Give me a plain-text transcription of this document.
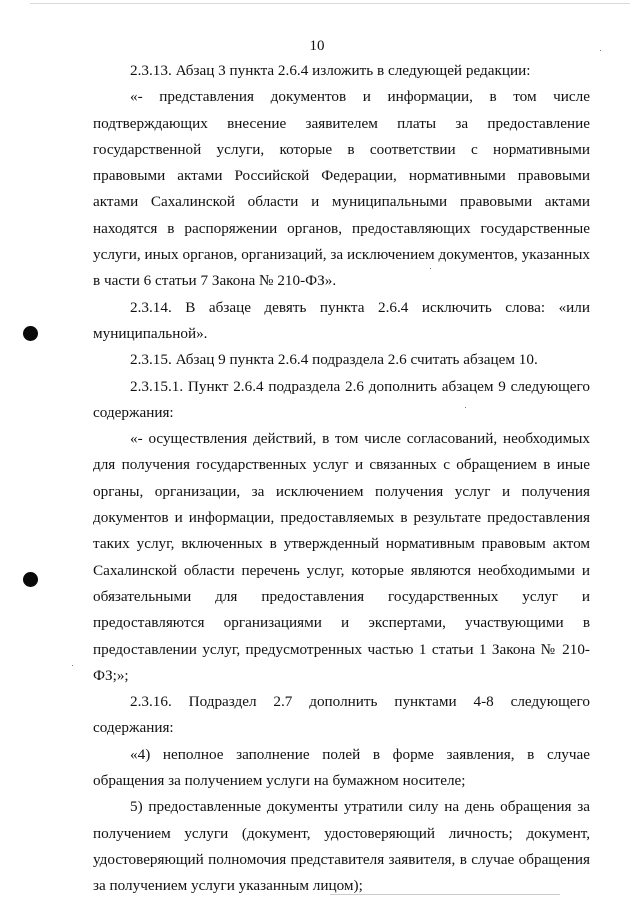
10

2.3.13. Абзац 3 пункта 2.6.4 изложить в следующей редакции:

«- представления документов и информации, в том числе подтверждающих внесение заявителем платы за предоставление государственной услуги, которые в соответствии с нормативными правовыми актами Российской Федерации, нормативными правовыми актами Сахалинской области и муниципальными правовыми актами находятся в распоряжении органов, предоставляющих государственные услуги, иных органов, организаций, за исключением документов, указанных в части 6 статьи 7 Закона № 210-ФЗ».

2.3.14. В абзаце девять пункта 2.6.4 исключить слова: «или муниципальной».

2.3.15. Абзац 9 пункта 2.6.4 подраздела 2.6 считать абзацем 10.

2.3.15.1. Пункт 2.6.4 подраздела 2.6 дополнить абзацем 9 следующего содержания:

«- осуществления действий, в том числе согласований, необходимых для получения государственных услуг и связанных с обращением в иные органы, организации, за исключением получения услуг и получения документов и информации, предоставляемых в результате предоставления таких услуг, включенных в утвержденный нормативным правовым актом Сахалинской области перечень услуг, которые являются необходимыми и обязательными для предоставления государственных услуг и предоставляются организациями и экспертами, участвующими в предоставлении услуг, предусмотренных частью 1 статьи 1 Закона № 210-ФЗ;»;

2.3.16. Подраздел 2.7 дополнить пунктами 4-8 следующего содержания:

«4) неполное заполнение полей в форме заявления, в случае обращения за получением услуги на бумажном носителе;

5) предоставленные документы утратили силу на день обращения за получением услуги (документ, удостоверяющий личность; документ, удостоверяющий полномочия представителя заявителя, в случае обращения за получением услуги указанным лицом);
